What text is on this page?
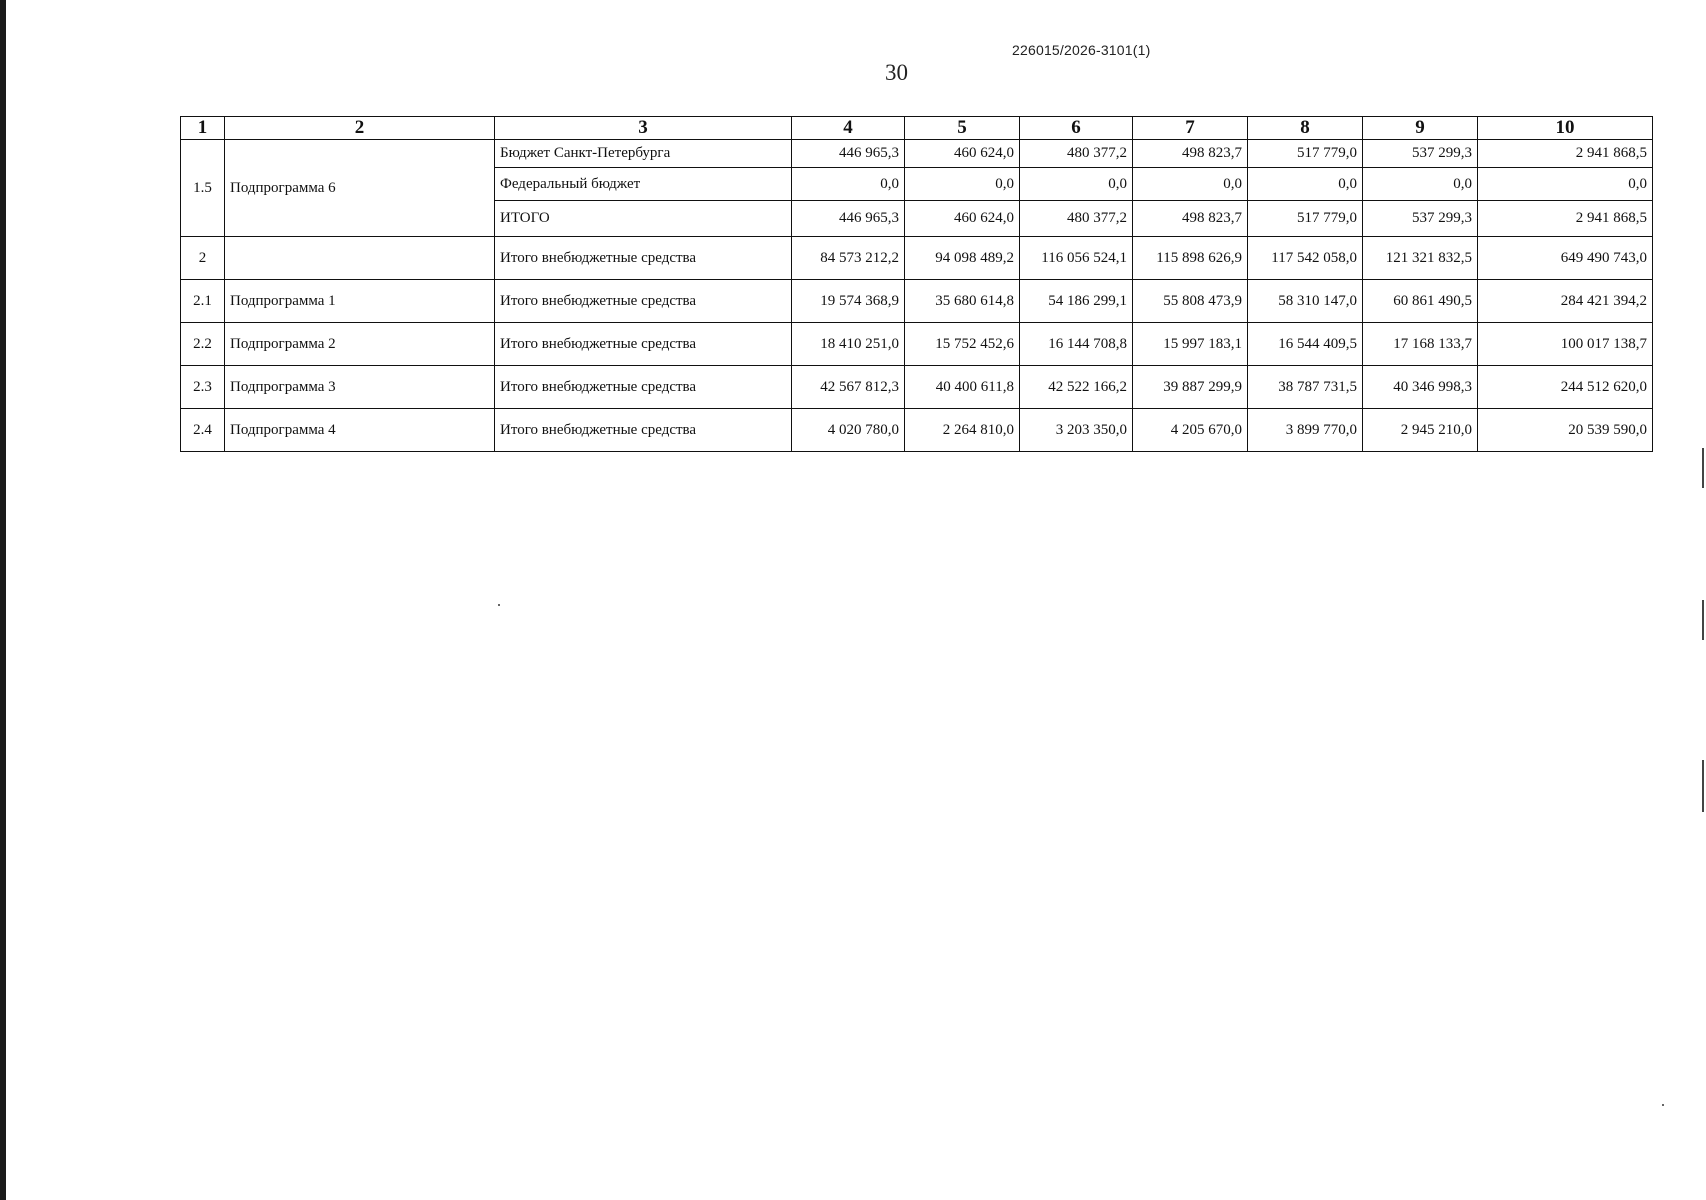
226015/2026-3101(1)
30
1	2	3	4	5	6	7	8	9	10
1.5	Подпрограмма 6	Бюджет Санкт-Петербурга	446 965,3	460 624,0	480 377,2	498 823,7	517 779,0	537 299,3	2 941 868,5
		Федеральный бюджет	0,0	0,0	0,0	0,0	0,0	0,0	0,0
		ИТОГО	446 965,3	460 624,0	480 377,2	498 823,7	517 779,0	537 299,3	2 941 868,5
2		Итого внебюджетные средства	84 573 212,2	94 098 489,2	116 056 524,1	115 898 626,9	117 542 058,0	121 321 832,5	649 490 743,0
2.1	Подпрограмма 1	Итого внебюджетные средства	19 574 368,9	35 680 614,8	54 186 299,1	55 808 473,9	58 310 147,0	60 861 490,5	284 421 394,2
2.2	Подпрограмма 2	Итого внебюджетные средства	18 410 251,0	15 752 452,6	16 144 708,8	15 997 183,1	16 544 409,5	17 168 133,7	100 017 138,7
2.3	Подпрограмма 3	Итого внебюджетные средства	42 567 812,3	40 400 611,8	42 522 166,2	39 887 299,9	38 787 731,5	40 346 998,3	244 512 620,0
2.4	Подпрограмма 4	Итого внебюджетные средства	4 020 780,0	2 264 810,0	3 203 350,0	4 205 670,0	3 899 770,0	2 945 210,0	20 539 590,0
